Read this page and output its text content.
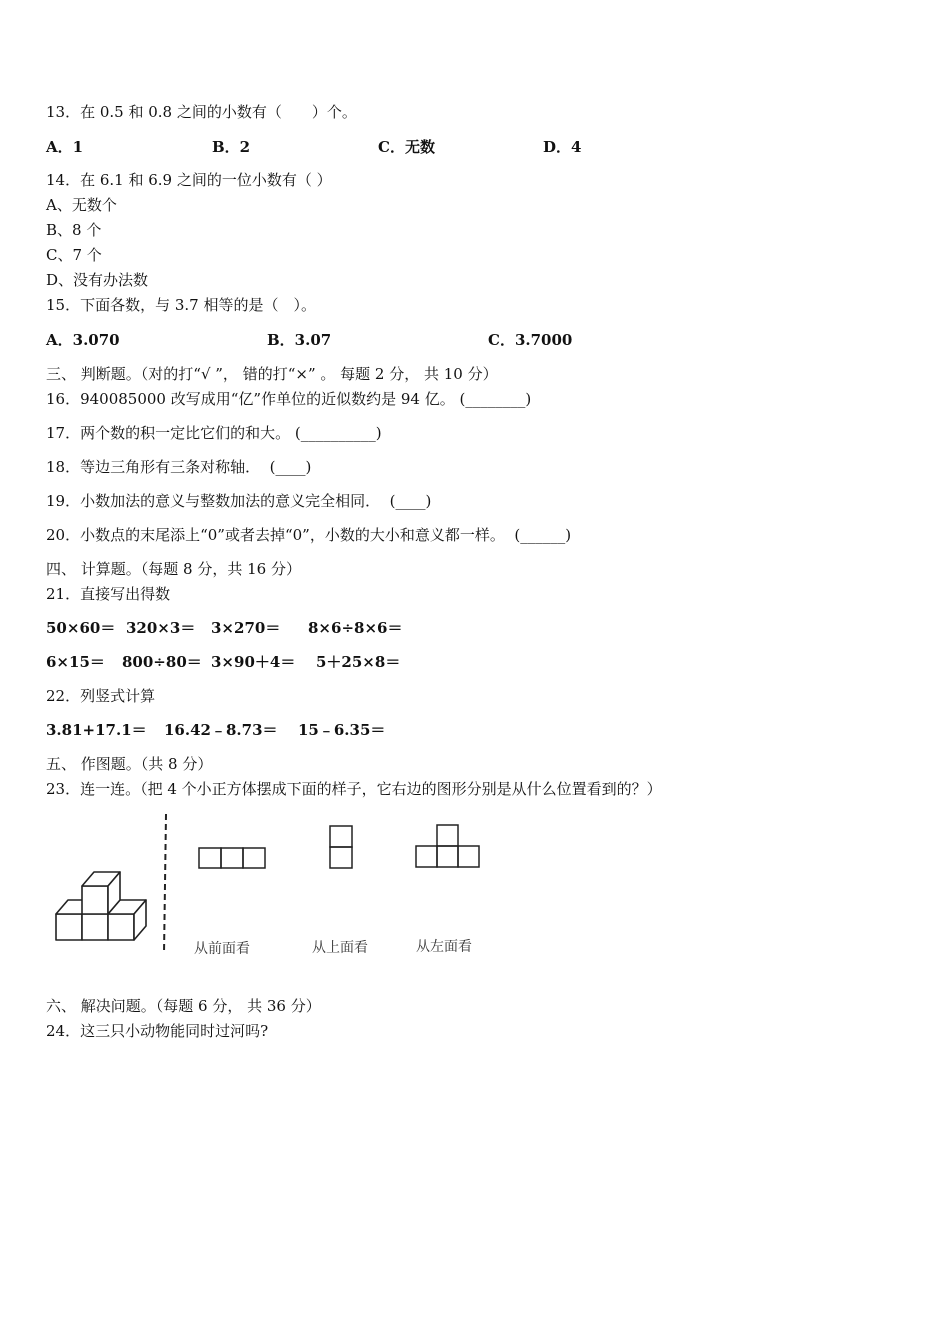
13．在 0.5 和 0.8 之间的小数有（　　）个。
A．1	B．2	C．无数	D．4
14．在 6.1 和 6.9 之间的一位小数有（ ）
A、无数个
B、8 个
C、7 个
D、没有办法数
15．下面各数，与 3.7 相等的是（　）。
A．3.070	B．3.07	C．3.7000
三、 判断题。（对的打“√ ”， 错的打“×” 。 每题 2 分， 共 10 分）
16．940085000 改写成用“亿”作单位的近似数约是 94 亿。 (________)
17．两个数的积一定比它们的和大。 (__________)
18．等边三角形有三条对称轴．  (____)
19．小数加法的意义与整数加法的意义完全相同．  (____)
20．小数点的末尾添上“0”或者去掉“0”，小数的大小和意义都一样。  (______)
四、 计算题。（每题 8 分，共 16 分）
21．直接写出得数
50×60＝ 320×3＝ 3×270＝ 8×6÷8×6＝
6×15＝ 800÷80＝ 3×90＋4＝ 5＋25×8＝
22．列竖式计算
3.81+17.1＝ 16.42﹣8.73＝ 15﹣6.35＝
五、 作图题。（共 8 分）
23．连一连。（把 4 个小正方体摆成下面的样子，它右边的图形分别是从什么位置看到的？）
从前面看	从上面看	从左面看
六、 解决问题。（每题 6 分， 共 36 分）
24．这三只小动物能同时过河吗?
